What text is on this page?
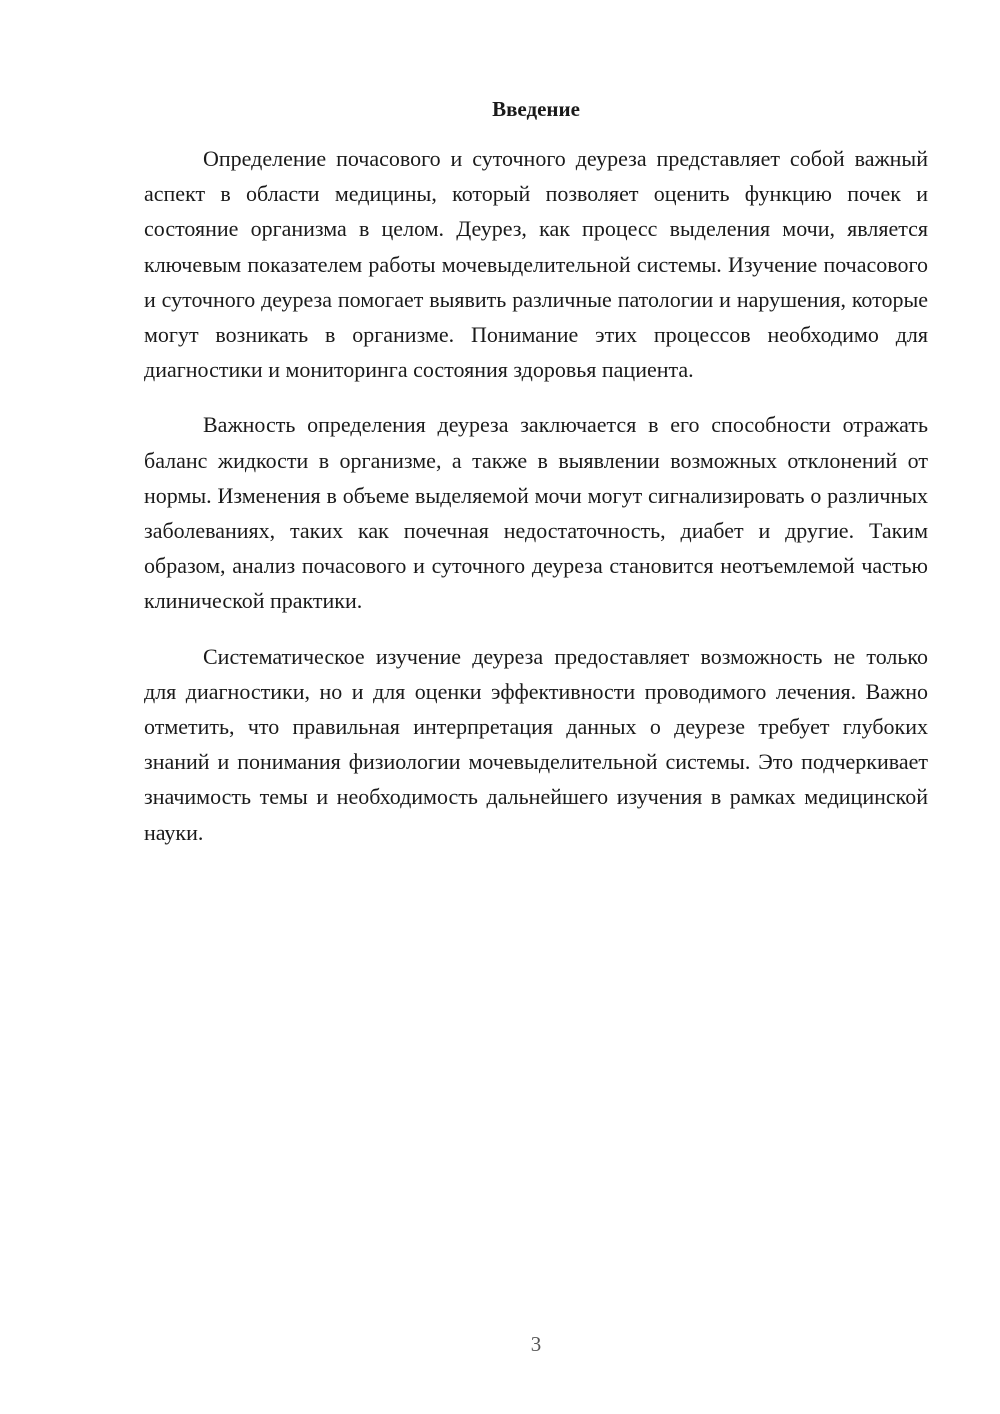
Введение

Определение почасового и суточного деуреза представляет собой важный аспект в области медицины, который позволяет оценить функцию почек и состояние организма в целом. Деурез, как процесс выделения мочи, является ключевым показателем работы мочевыделительной системы. Изучение почасового и суточного деуреза помогает выявить различные патологии и нарушения, которые могут возникать в организме. Понимание этих процессов необходимо для диагностики и мониторинга состояния здоровья пациента.

Важность определения деуреза заключается в его способности отражать баланс жидкости в организме, а также в выявлении возможных отклонений от нормы. Изменения в объеме выделяемой мочи могут сигнализировать о различных заболеваниях, таких как почечная недостаточность, диабет и другие. Таким образом, анализ почасового и суточного деуреза становится неотъемлемой частью клинической практики.

Систематическое изучение деуреза предоставляет возможность не только для диагностики, но и для оценки эффективности проводимого лечения. Важно отметить, что правильная интерпретация данных о деурезе требует глубоких знаний и понимания физиологии мочевыделительной системы. Это подчеркивает значимость темы и необходимость дальнейшего изучения в рамках медицинской науки.

3
